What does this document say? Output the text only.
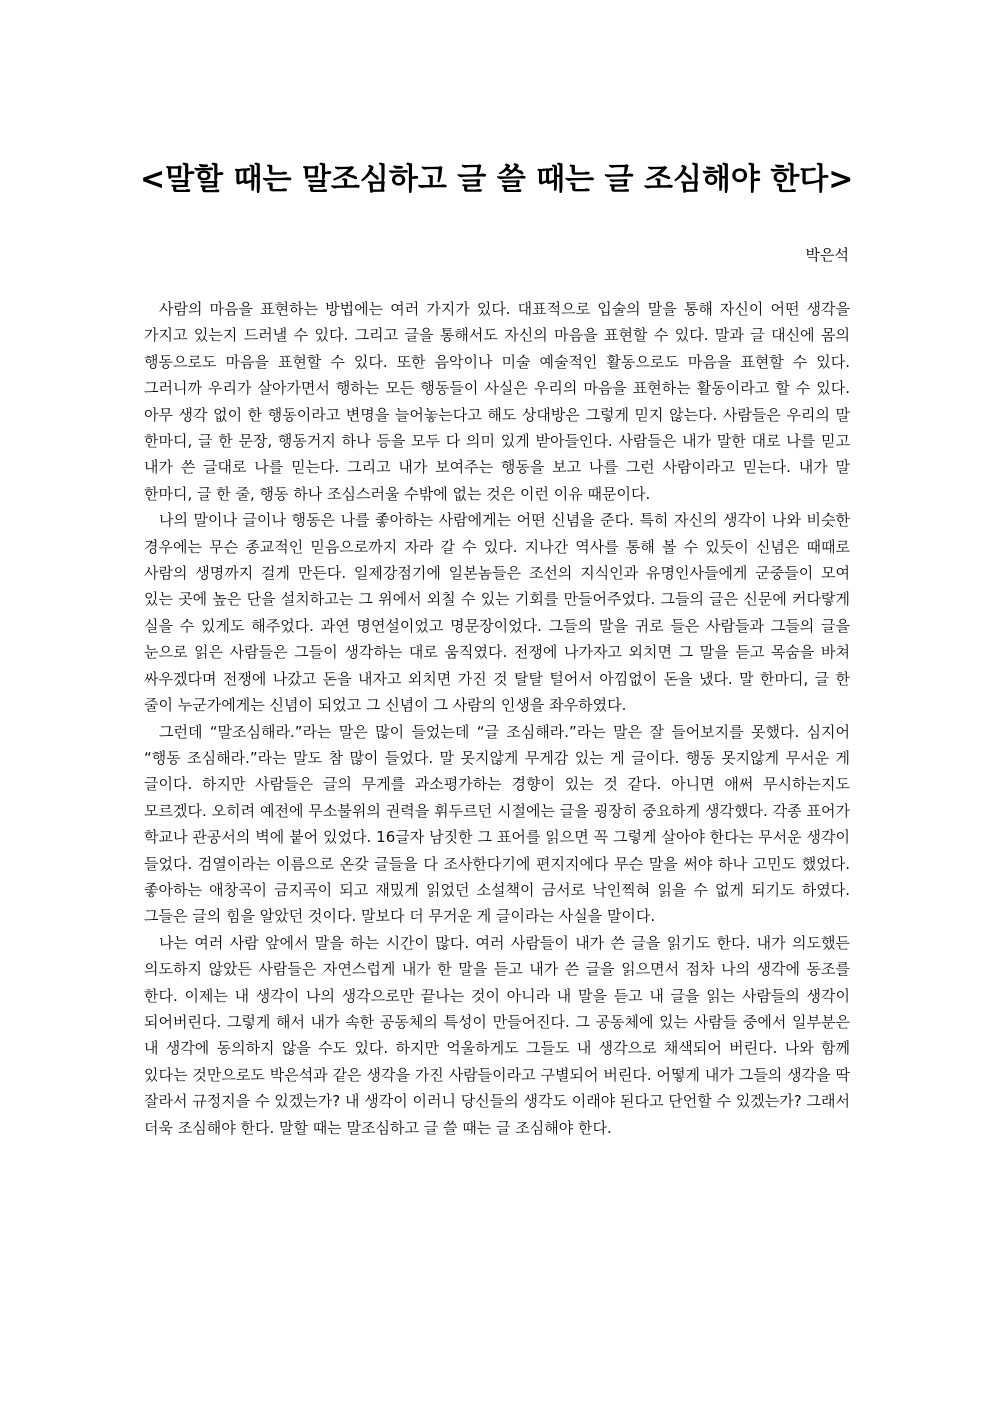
<말할 때는 말조심하고 글 쓸 때는 글 조심해야 한다>
박은석

사람의 마음을 표현하는 방법에는 여러 가지가 있다. 대표적으로 입술의 말을 통해 자신이 어떤 생각을 가지고 있는지 드러낼 수 있다. 그리고 글을 통해서도 자신의 마음을 표현할 수 있다. 말과 글 대신에 몸의 행동으로도 마음을 표현할 수 있다. 또한 음악이나 미술 예술적인 활동으로도 마음을 표현할 수 있다. 그러니까 우리가 살아가면서 행하는 모든 행동들이 사실은 우리의 마음을 표현하는 활동이라고 할 수 있다. 아무 생각 없이 한 행동이라고 변명을 늘어놓는다고 해도 상대방은 그렇게 믿지 않는다. 사람들은 우리의 말 한마디, 글 한 문장, 행동거지 하나 등을 모두 다 의미 있게 받아들인다. 사람들은 내가 말한 대로 나를 믿고 내가 쓴 글대로 나를 믿는다. 그리고 내가 보여주는 행동을 보고 나를 그런 사람이라고 믿는다. 내가 말 한마디, 글 한 줄, 행동 하나 조심스러울 수밖에 없는 것은 이런 이유 때문이다.

나의 말이나 글이나 행동은 나를 좋아하는 사람에게는 어떤 신념을 준다. 특히 자신의 생각이 나와 비슷한 경우에는 무슨 종교적인 믿음으로까지 자라 갈 수 있다. 지나간 역사를 통해 볼 수 있듯이 신념은 때때로 사람의 생명까지 걸게 만든다. 일제강점기에 일본놈들은 조선의 지식인과 유명인사들에게 군중들이 모여 있는 곳에 높은 단을 설치하고는 그 위에서 외칠 수 있는 기회를 만들어주었다. 그들의 글은 신문에 커다랗게 실을 수 있게도 해주었다. 과연 명연설이었고 명문장이었다. 그들의 말을 귀로 들은 사람들과 그들의 글을 눈으로 읽은 사람들은 그들이 생각하는 대로 움직였다. 전쟁에 나가자고 외치면 그 말을 듣고 목숨을 바쳐 싸우겠다며 전쟁에 나갔고 돈을 내자고 외치면 가진 것 탈탈 털어서 아낌없이 돈을 냈다. 말 한마디, 글 한 줄이 누군가에게는 신념이 되었고 그 신념이 그 사람의 인생을 좌우하였다.

그런데 “말조심해라.”라는 말은 많이 들었는데 “글 조심해라.”라는 말은 잘 들어보지를 못했다. 심지어 “행동 조심해라.”라는 말도 참 많이 들었다. 말 못지않게 무게감 있는 게 글이다. 행동 못지않게 무서운 게 글이다. 하지만 사람들은 글의 무게를 과소평가하는 경향이 있는 것 같다. 아니면 애써 무시하는지도 모르겠다. 오히려 예전에 무소불위의 권력을 휘두르던 시절에는 글을 굉장히 중요하게 생각했다. 각종 표어가 학교나 관공서의 벽에 붙어 있었다. 16글자 남짓한 그 표어를 읽으면 꼭 그렇게 살아야 한다는 무서운 생각이 들었다. 검열이라는 이름으로 온갖 글들을 다 조사한다기에 편지지에다 무슨 말을 써야 하나 고민도 했었다. 좋아하는 애창곡이 금지곡이 되고 재밌게 읽었던 소설책이 금서로 낙인찍혀 읽을 수 없게 되기도 하였다. 그들은 글의 힘을 알았던 것이다. 말보다 더 무거운 게 글이라는 사실을 말이다.

나는 여러 사람 앞에서 말을 하는 시간이 많다. 여러 사람들이 내가 쓴 글을 읽기도 한다. 내가 의도했든 의도하지 않았든 사람들은 자연스럽게 내가 한 말을 듣고 내가 쓴 글을 읽으면서 점차 나의 생각에 동조를 한다. 이제는 내 생각이 나의 생각으로만 끝나는 것이 아니라 내 말을 듣고 내 글을 읽는 사람들의 생각이 되어버린다. 그렇게 해서 내가 속한 공동체의 특성이 만들어진다. 그 공동체에 있는 사람들 중에서 일부분은 내 생각에 동의하지 않을 수도 있다. 하지만 억울하게도 그들도 내 생각으로 채색되어 버린다. 나와 함께 있다는 것만으로도 박은석과 같은 생각을 가진 사람들이라고 구별되어 버린다. 어떻게 내가 그들의 생각을 딱 잘라서 규정지을 수 있겠는가? 내 생각이 이러니 당신들의 생각도 이래야 된다고 단언할 수 있겠는가? 그래서 더욱 조심해야 한다. 말할 때는 말조심하고 글 쓸 때는 글 조심해야 한다.
